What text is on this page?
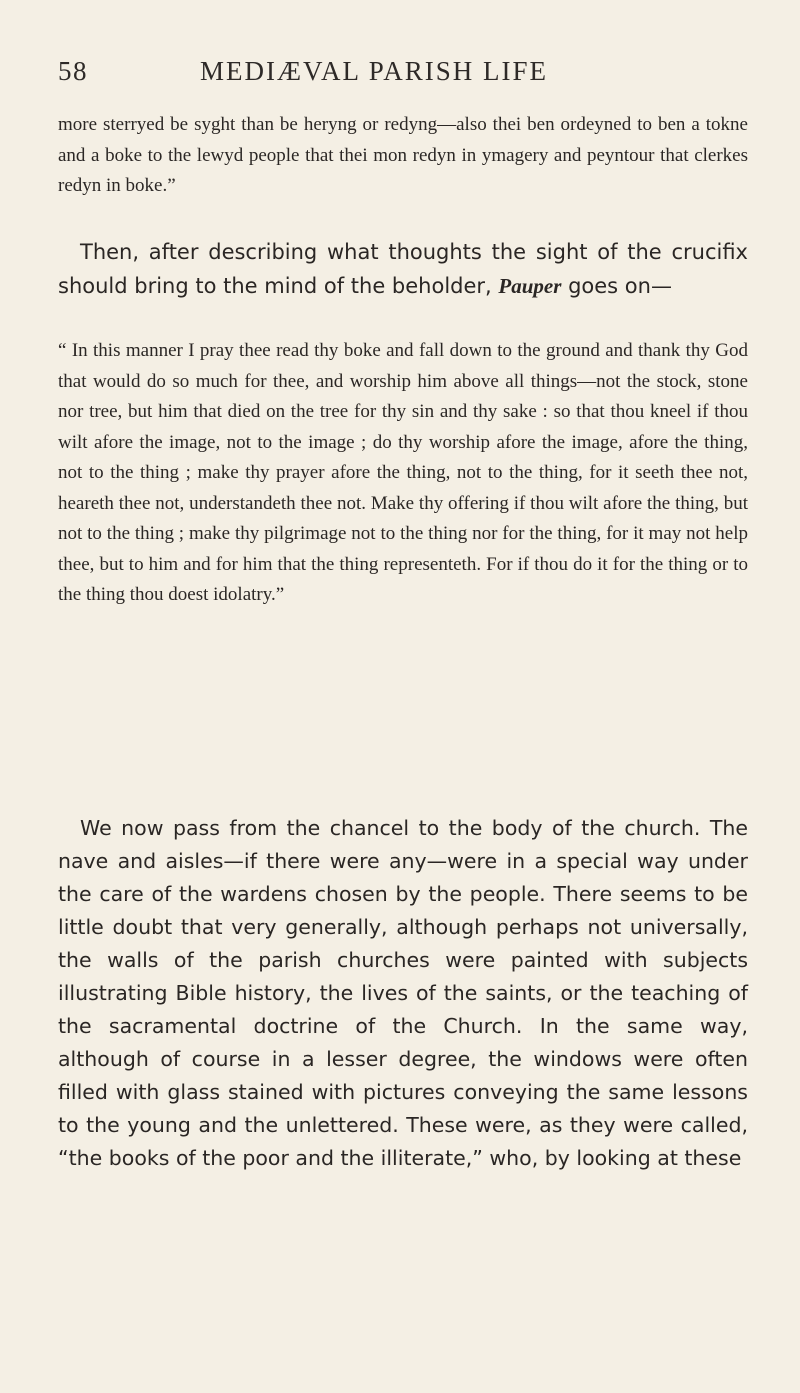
58	MEDIÆVAL PARISH LIFE

more sterryed be syght than be heryng or redyng—also thei ben ordeyned to ben a tokne and a boke to the lewyd people that thei mon redyn in ymagery and peyntour that clerkes redyn in boke.”

Then, after describing what thoughts the sight of the crucifix should bring to the mind of the beholder, Pauper goes on—

“ In this manner I pray thee read thy boke and fall down to the ground and thank thy God that would do so much for thee, and worship him above all things—not the stock, stone nor tree, but him that died on the tree for thy sin and thy sake : so that thou kneel if thou wilt afore the image, not to the image ; do thy worship afore the image, afore the thing, not to the thing ; make thy prayer afore the thing, not to the thing, for it seeth thee not, heareth thee not, understandeth thee not. Make thy offering if thou wilt afore the thing, but not to the thing ; make thy pilgrimage not to the thing nor for the thing, for it may not help thee, but to him and for him that the thing representeth. For if thou do it for the thing or to the thing thou doest idolatry.”

We now pass from the chancel to the body of the church. The nave and aisles—if there were any—were in a special way under the care of the wardens chosen by the people. There seems to be little doubt that very generally, although perhaps not universally, the walls of the parish churches were painted with subjects illustrating Bible history, the lives of the saints, or the teaching of the sacramental doctrine of the Church. In the same way, although of course in a lesser degree, the windows were often filled with glass stained with pictures conveying the same lessons to the young and the unlettered. These were, as they were called, “the books of the poor and the illiterate,” who, by looking at these
